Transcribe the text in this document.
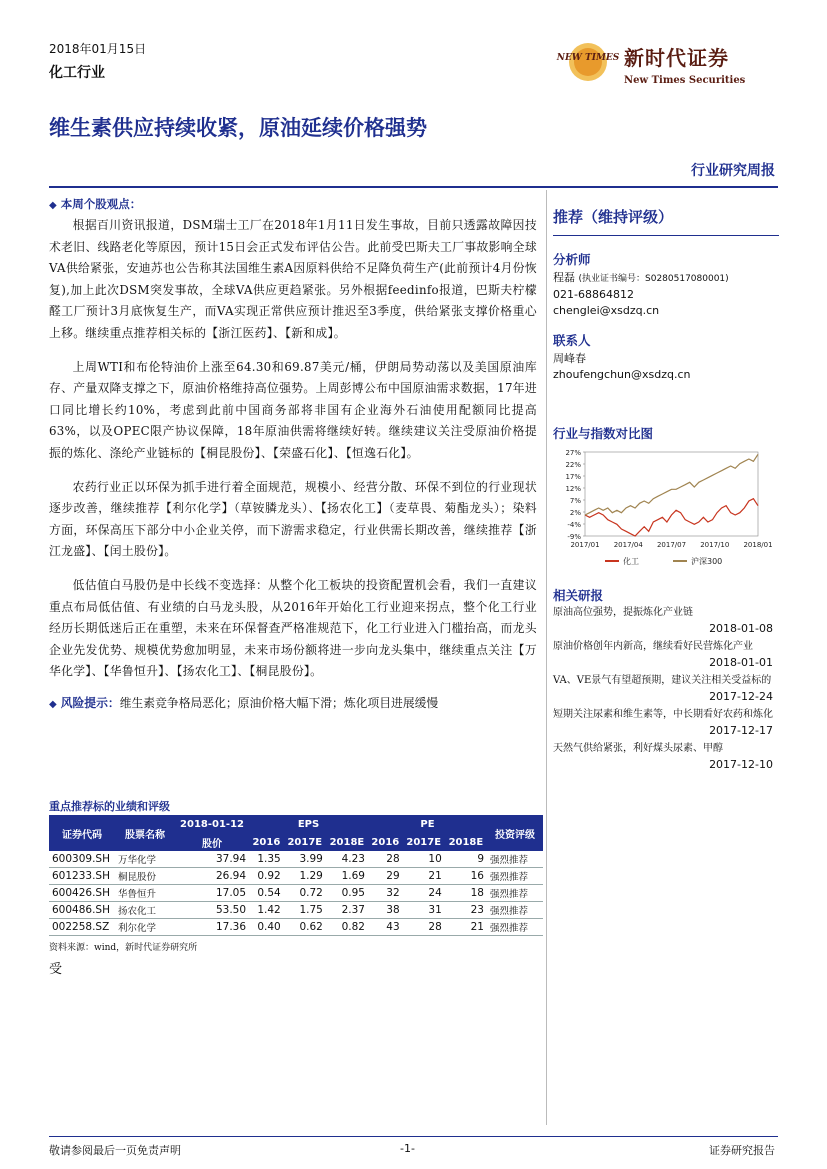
2018年01月15日
化工行业
NEW TIMES 新时代证券
New Times Securities
维生素供应持续收紧，原油延续价格强势
行业研究周报
◆ 本周个股观点：

根据百川资讯报道，DSM瑞士工厂在2018年1月11日发生事故，目前只透露故障因技术老旧、线路老化等原因，预计15日会正式发布评估公告。此前受巴斯夫工厂事故影响全球VA供给紧张，安迪苏也公告称其法国维生素A因原料供给不足降负荷生产(此前预计4月份恢复),加上此次DSM突发事故，全球VA供应更趋紧张。另外根据feedinfo报道，巴斯夫柠檬醛工厂预计3月底恢复生产，而VA实现正常供应预计推迟至3季度，供给紧张支撑价格重心上移。继续重点推荐相关标的【浙江医药】、【新和成】。

上周WTI和布伦特油价上涨至64.30和69.87美元/桶，伊朗局势动荡以及美国原油库存、产量双降支撑之下，原油价格维持高位强势。上周彭博公布中国原油需求数据，17年进口同比增长约10%，考虑到此前中国商务部将非国有企业海外石油使用配额同比提高63%，以及OPEC限产协议保障，18年原油供需将继续好转。继续建议关注受原油价格提振的炼化、涤纶产业链标的【桐昆股份】、【荣盛石化】、【恒逸石化】。

农药行业正以环保为抓手进行着全面规范，规模小、经营分散、环保不到位的行业现状逐步改善，继续推荐【利尔化学】（草铵膦龙头）、【扬农化工】（麦草畏、菊酯龙头）；染料方面，环保高压下部分中小企业关停，而下游需求稳定，行业供需长期改善，继续推荐【浙江龙盛】、【闰土股份】。

低估值白马股仍是中长线不变选择：从整个化工板块的投资配置机会看，我们一直建议重点布局低估值、有业绩的白马龙头股，从2016年开始化工行业迎来拐点，整个化工行业经历长期低迷后正在重塑，未来在环保督查严格准规范下，化工行业进入门槛抬高，而龙头企业先发优势、规模优势愈加明显，未来市场份额将进一步向龙头集中，继续重点关注【万华化学】、【华鲁恒升】、【扬农化工】、【桐昆股份】。

◆ 风险提示：维生素竞争格局恶化；原油价格大幅下滑；炼化项目进展缓慢
重点推荐标的业绩和评级
证券代码	股票名称	2018-01-12	EPS			PE			投资评级
		股价	2016	2017E	2018E	2016	2017E	2018E	
600309.SH	万华化学	37.94	1.35	3.99	4.23	28	10	9	强烈推荐
601233.SH	桐昆股份	26.94	0.92	1.29	1.69	29	21	16	强烈推荐
600426.SH	华鲁恒升	17.05	0.54	0.72	0.95	32	24	18	强烈推荐
600486.SH	扬农化工	53.50	1.42	1.75	2.37	38	31	23	强烈推荐
002258.SZ	利尔化学	17.36	0.40	0.62	0.82	43	28	21	强烈推荐
资料来源：wind，新时代证券研究所
受
推荐（维持评级）
分析师
程磊 (执业证书编号：S0280517080001)
021-68864812
chenglei@xsdzq.cn
联系人
周峰春
zhoufengchun@xsdzq.cn
行业与指数对比图
27%
22%
17%
12%
7%
2%
-4%
-9%
2017/01 2017/04 2017/07 2017/10 2018/01
化工	沪深300
相关研报
原油高位强势，提振炼化产业链
2018-01-08
原油价格创年内新高，继续看好民营炼化产业
2018-01-01
VA、VE景气有望超预期，建议关注相关受益标的
2017-12-24
短期关注尿素和维生素等，中长期看好农药和炼化
2017-12-17
天然气供给紧张，利好煤头尿素、甲醇
2017-12-10
敬请参阅最后一页免责声明	-1-	证券研究报告
